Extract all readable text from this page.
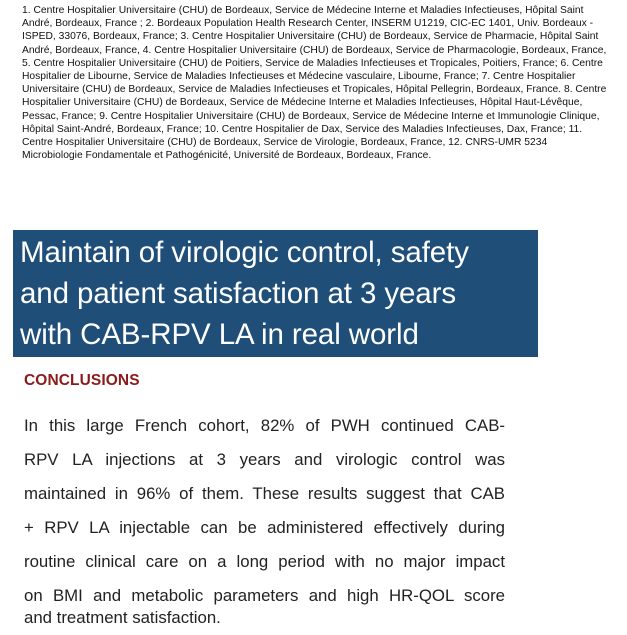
1. Centre Hospitalier Universitaire (CHU) de Bordeaux, Service de Médecine Interne et Maladies Infectieuses, Hôpital Saint André, Bordeaux, France ; 2. Bordeaux Population Health Research Center, INSERM U1219, CIC-EC 1401, Univ. Bordeaux - ISPED, 33076, Bordeaux, France; 3. Centre Hospitalier Universitaire (CHU) de Bordeaux, Service de Pharmacie, Hôpital Saint André, Bordeaux, France, 4. Centre Hospitalier Universitaire (CHU) de Bordeaux, Service de Pharmacologie, Bordeaux, France, 5. Centre Hospitalier Universitaire (CHU) de Poitiers, Service de Maladies Infectieuses et Tropicales, Poitiers, France; 6. Centre Hospitalier de Libourne, Service de Maladies Infectieuses et Médecine vasculaire, Libourne, France; 7. Centre Hospitalier Universitaire (CHU) de Bordeaux, Service de Maladies Infectieuses et Tropicales, Hôpital Pellegrin, Bordeaux, France. 8. Centre Hospitalier Universitaire (CHU) de Bordeaux, Service de Médecine Interne et Maladies Infectieuses, Hôpital Haut-Lévêque, Pessac, France; 9. Centre Hospitalier Universitaire (CHU) de Bordeaux, Service de Médecine Interne et Immunologie Clinique, Hôpital Saint-André, Bordeaux, France; 10. Centre Hospitalier de Dax, Service des Maladies Infectieuses, Dax, France; 11. Centre Hospitalier Universitaire (CHU) de Bordeaux, Service de Virologie, Bordeaux, France, 12. CNRS-UMR 5234 Microbiologie Fondamentale et Pathogénicité, Université de Bordeaux, Bordeaux, France.

Maintain of virologic control, safety
and patient satisfaction at 3 years
with CAB-RPV LA in real world
CONCLUSIONS

In this large French cohort, 82% of PWH continued CAB-

RPV LA injections at 3 years and virologic control was

maintained in 96% of them. These results suggest that CAB

+ RPV LA injectable can be administered effectively during

routine clinical care on a long period with no major impact

on BMI and metabolic parameters and high HR-QOL score

and treatment satisfaction.
